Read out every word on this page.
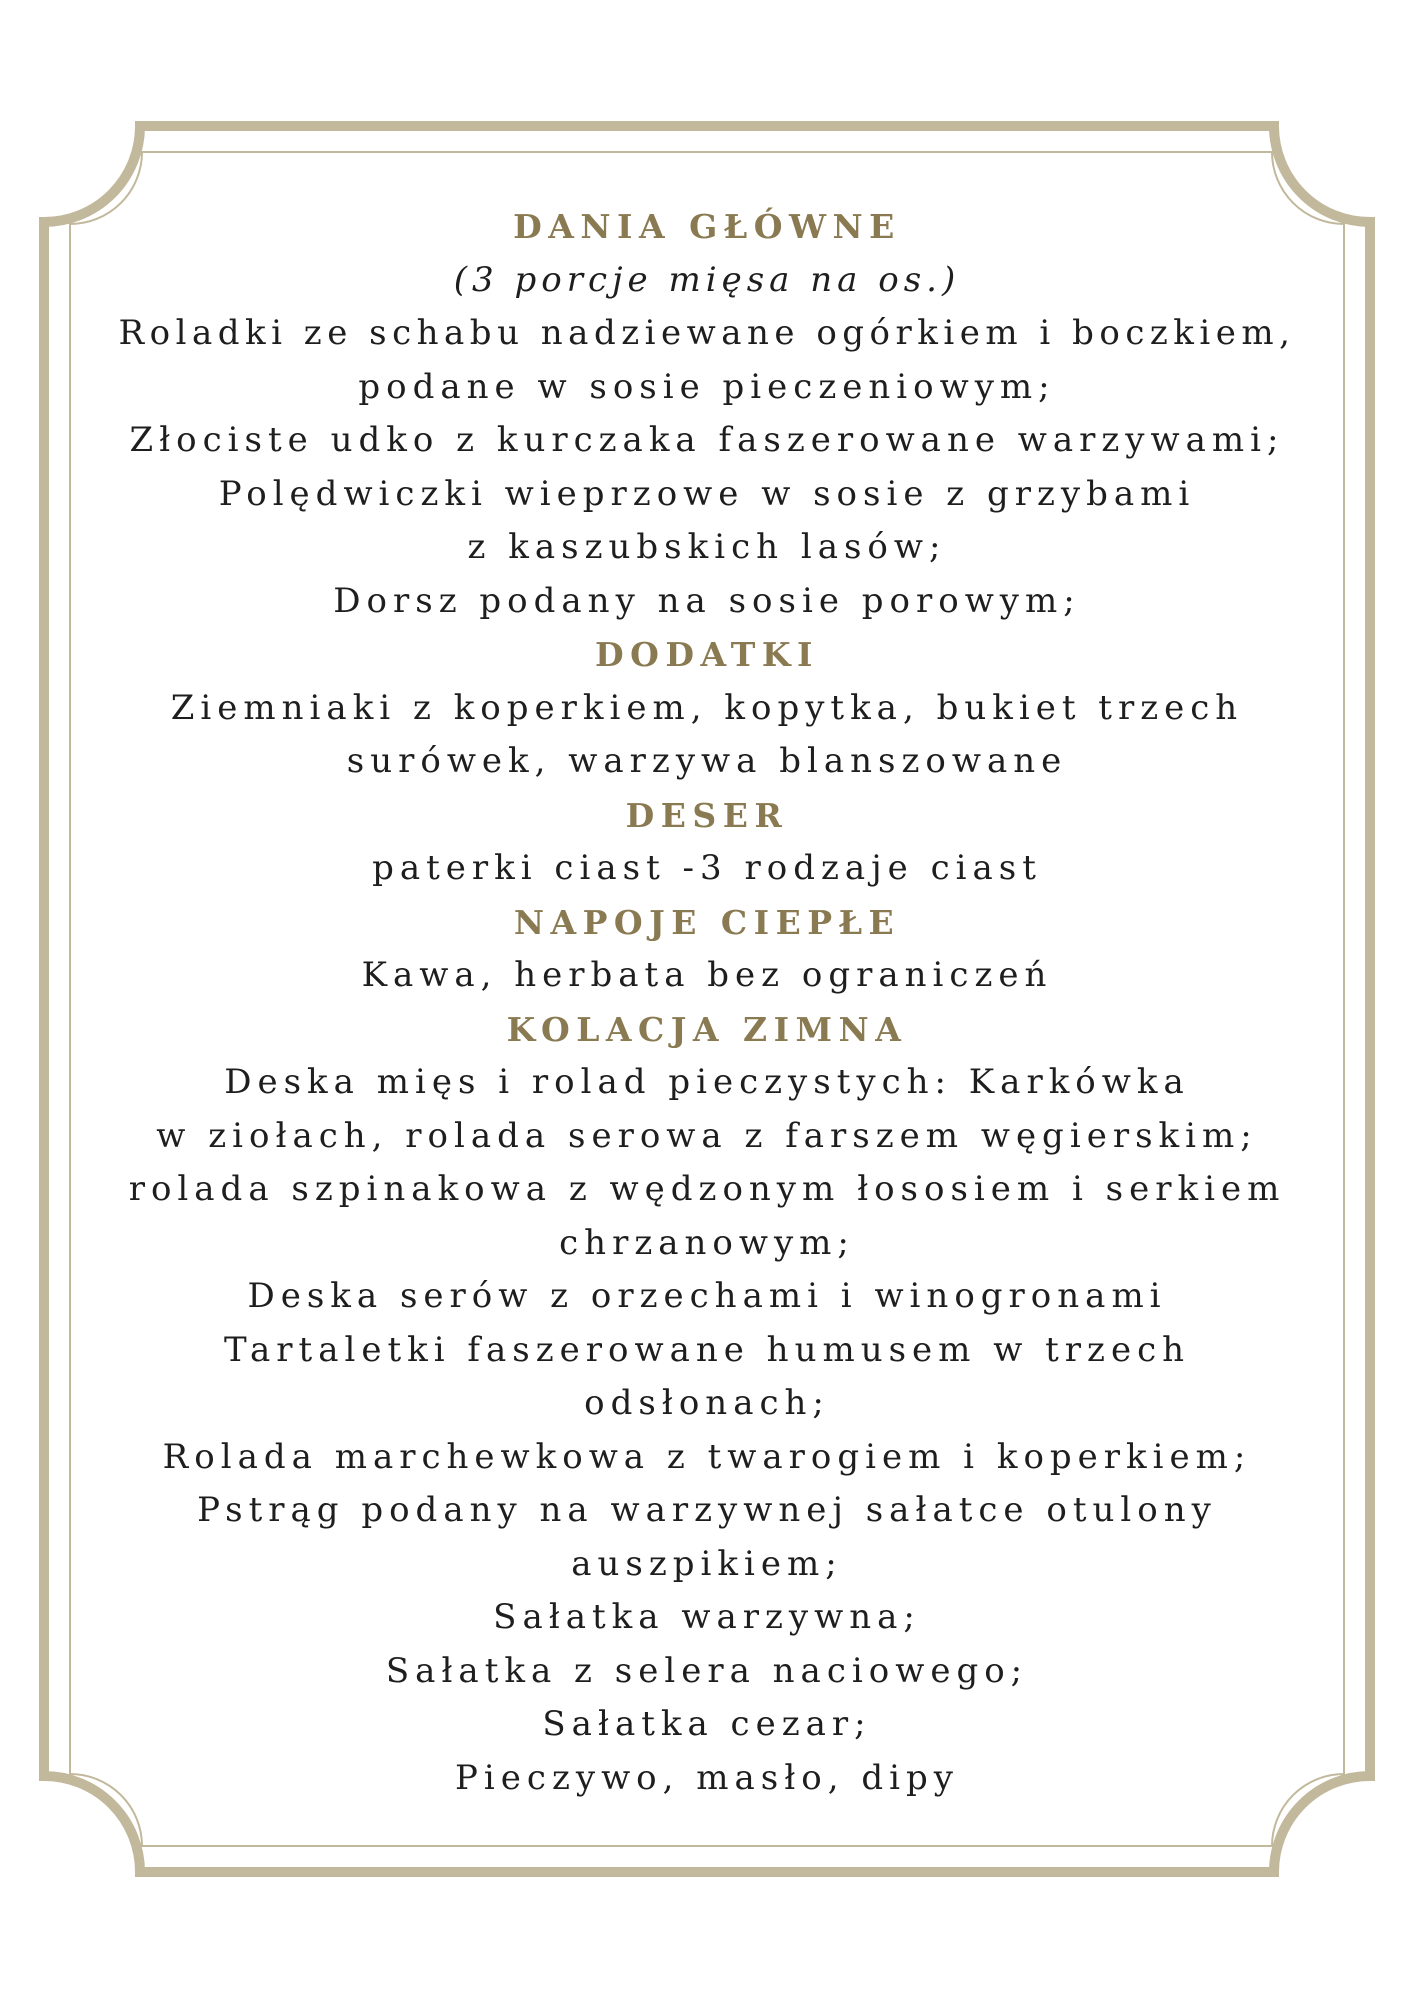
DANIA GŁÓWNE
(3 porcje mięsa na os.)
Roladki ze schabu nadziewane ogórkiem i boczkiem,
podane w sosie pieczeniowym;
Złociste udko z kurczaka faszerowane warzywami;
Polędwiczki wieprzowe w sosie z grzybami
z kaszubskich lasów;
Dorsz podany na sosie porowym;
DODATKI
Ziemniaki z koperkiem, kopytka, bukiet trzech
surówek, warzywa blanszowane
DESER
paterki ciast -3 rodzaje ciast
NAPOJE CIEPŁE
Kawa, herbata bez ograniczeń
KOLACJA ZIMNA
Deska mięs i rolad pieczystych: Karkówka
w ziołach, rolada serowa z farszem węgierskim;
rolada szpinakowa z wędzonym łososiem i serkiem
chrzanowym;
Deska serów z orzechami i winogronami
Tartaletki faszerowane humusem w trzech
odsłonach;
Rolada marchewkowa z twarogiem i koperkiem;
Pstrąg podany na warzywnej sałatce otulony
auszpikiem;
Sałatka warzywna;
Sałatka z selera naciowego;
Sałatka cezar;
Pieczywo, masło, dipy
